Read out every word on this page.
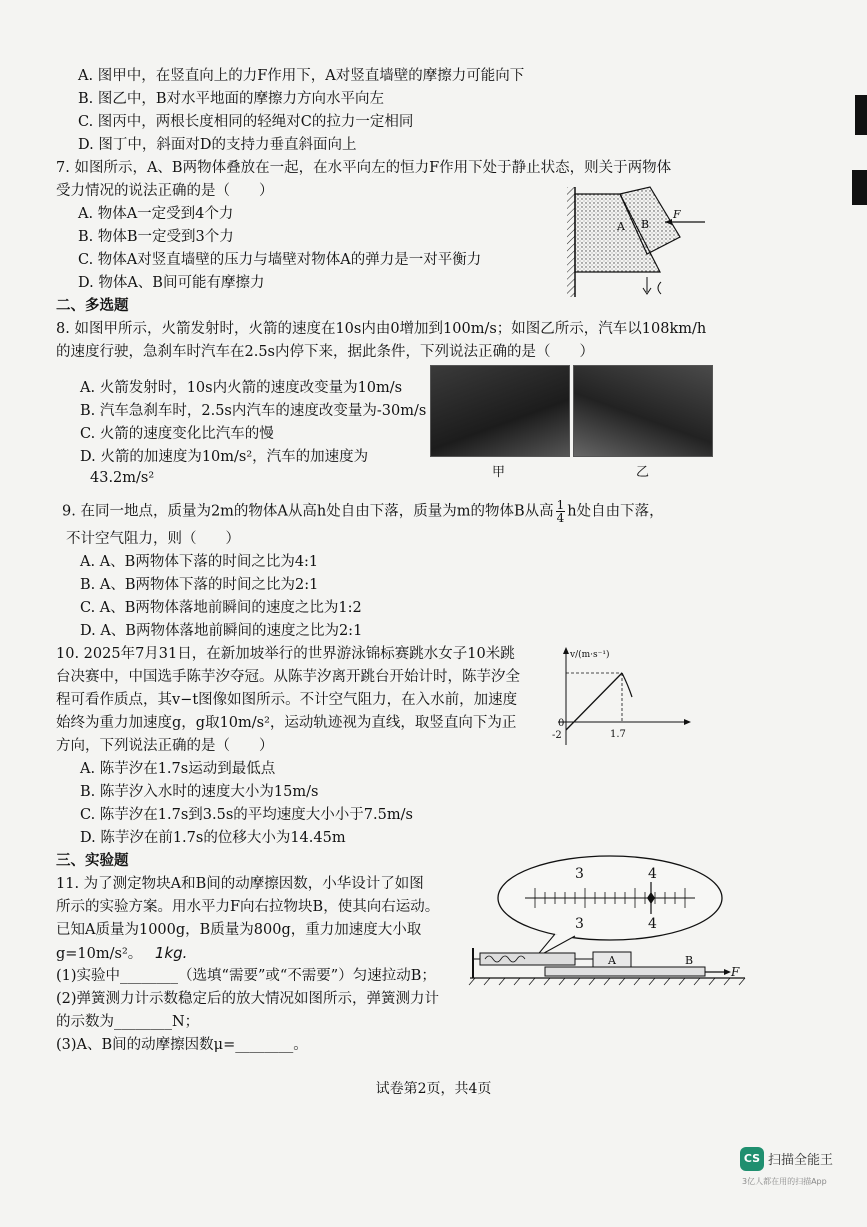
A. 图甲中，在竖直向上的力F作用下，A对竖直墙壁的摩擦力可能向下
B. 图乙中，B对水平地面的摩擦力方向水平向左
C. 图丙中，两根长度相同的轻绳对C的拉力一定相同
D. 图丁中，斜面对D的支持力垂直斜面向上
7. 如图所示，A、B两物体叠放在一起，在水平向左的恒力F作用下处于静止状态，则关于两物体
受力情况的说法正确的是（　　）
A. 物体A一定受到4个力
B. 物体B一定受到3个力
C. 物体A对竖直墙壁的压力与墙壁对物体A的弹力是一对平衡力
D. 物体A、B间可能有摩擦力
A B
F
二、多选题
8. 如图甲所示，火箭发射时，火箭的速度在10s内由0增加到100m/s；如图乙所示，汽车以108km/h
的速度行驶，急刹车时汽车在2.5s内停下来，据此条件，下列说法正确的是（　　）
A. 火箭发射时，10s内火箭的速度改变量为10m/s
B. 汽车急刹车时，2.5s内汽车的速度改变量为-30m/s
C. 火箭的速度变化比汽车的慢
D. 火箭的加速度为10m/s²，汽车的加速度为
43.2m/s²	甲	乙
9. 在同一地点，质量为2m的物体A从高h处自由下落，质量为m的物体B从高 $\frac{1}{4}$ h处自由下落，
不计空气阻力，则（　　）
A. A、B两物体下落的时间之比为4:1
B. A、B两物体下落的时间之比为2:1
C. A、B两物体落地前瞬间的速度之比为1:2
D. A、B两物体落地前瞬间的速度之比为2:1
10. 2025年7月31日，在新加坡举行的世界游泳锦标赛跳水女子10米跳
台决赛中，中国选手陈芋汐夺冠。从陈芋汐离开跳台开始计时，陈芋汐全
程可看作质点，其v−t图像如图所示。不计空气阻力，在入水前，加速度
始终为重力加速度g，g取10m/s²，运动轨迹视为直线，取竖直向下为正
方向，下列说法正确的是（　　）
A. 陈芋汐在1.7s运动到最低点
B. 陈芋汐入水时的速度大小为15m/s
C. 陈芋汐在1.7s到3.5s的平均速度大小小于7.5m/s
D. 陈芋汐在前1.7s的位移大小为14.45m
v/(m·s⁻¹)
0
-2	1.7
三、实验题
11. 为了测定物块A和B间的动摩擦因数，小华设计了如图
所示的实验方案。用水平力F向右拉物块B，使其向右运动。
已知A质量为1000g，B质量为800g，重力加速度大小取
g=10m/s²。 1kg.
(1)实验中________（选填“需要”或“不需要”）匀速拉动B；
(2)弹簧测力计示数稳定后的放大情况如图所示，弹簧测力计
的示数为________N；
(3)A、B间的动摩擦因数μ=________。
3	4
3	4
A	B
F
试卷第2页，共4页
CS 扫描全能王
3亿人都在用的扫描App
